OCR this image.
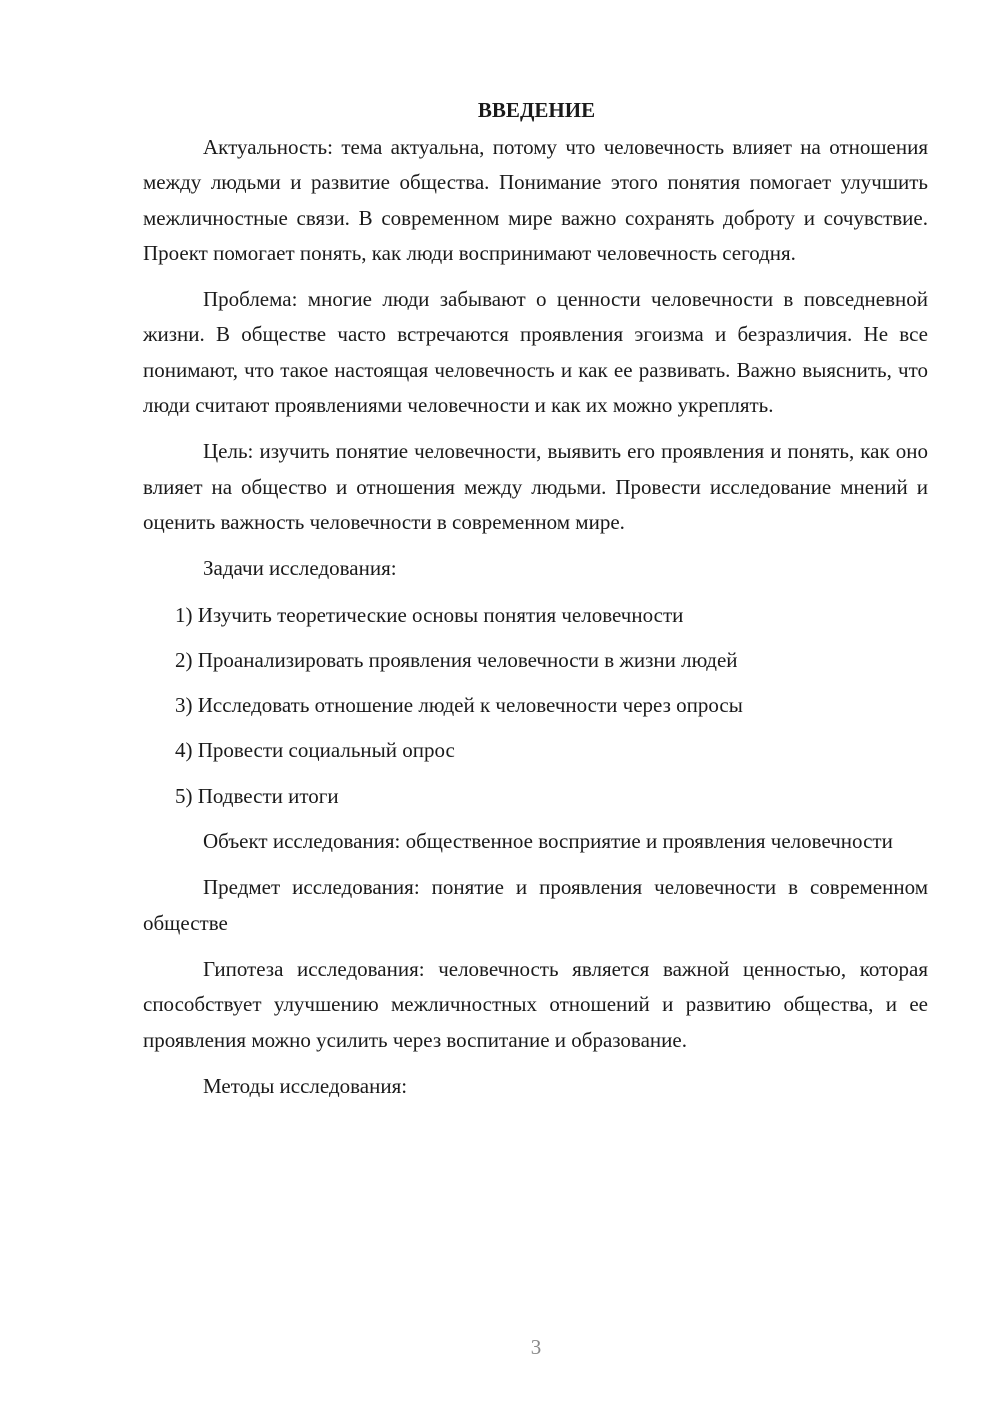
ВВЕДЕНИЕ

Актуальность: тема актуальна, потому что человечность влияет на отношения между людьми и развитие общества. Понимание этого понятия помогает улучшить межличностные связи. В современном мире важно сохранять доброту и сочувствие. Проект помогает понять, как люди воспринимают человечность сегодня.

Проблема: многие люди забывают о ценности человечности в повседневной жизни. В обществе часто встречаются проявления эгоизма и безразличия. Не все понимают, что такое настоящая человечность и как ее развивать. Важно выяснить, что люди считают проявлениями человечности и как их можно укреплять.

Цель: изучить понятие человечности, выявить его проявления и понять, как оно влияет на общество и отношения между людьми. Провести исследование мнений и оценить важность человечности в современном мире.

Задачи исследования:

1) Изучить теоретические основы понятия человечности
2) Проанализировать проявления человечности в жизни людей
3) Исследовать отношение людей к человечности через опросы
4) Провести социальный опрос
5) Подвести итоги

Объект исследования: общественное восприятие и проявления человечности

Предмет исследования: понятие и проявления человечности в современном обществе

Гипотеза исследования: человечность является важной ценностью, которая способствует улучшению межличностных отношений и развитию общества, и ее проявления можно усилить через воспитание и образование.

Методы исследования:

3
